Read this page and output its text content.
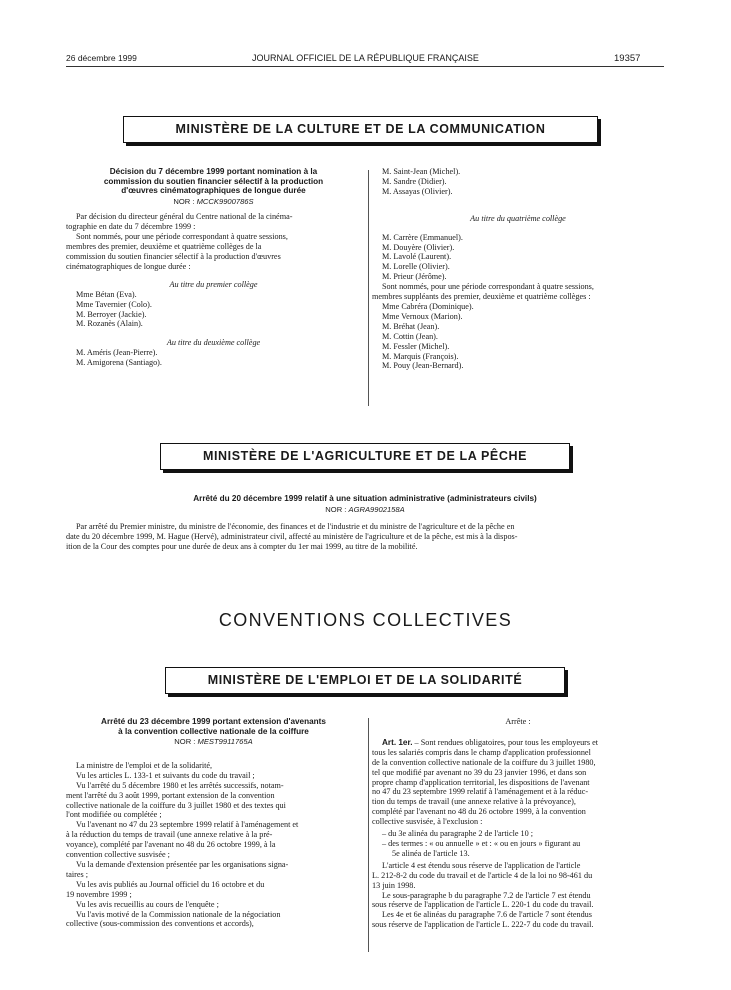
26 décembre 1999	JOURNAL OFFICIEL DE LA RÉPUBLIQUE FRANÇAISE	19357
MINISTÈRE DE LA CULTURE ET DE LA COMMUNICATION

Décision du 7 décembre 1999 portant nomination à la

commission du soutien financier sélectif à la production

d'œuvres cinématographiques de longue durée

NOR : MCCK9900786S

Par décision du directeur général du Centre national de la cinéma-

tographie en date du 7 décembre 1999 :

Sont nommés, pour une période correspondant à quatre sessions,

membres des premier, deuxième et quatrième collèges de la

commission du soutien financier sélectif à la production d'œuvres

cinématographiques de longue durée :

Au titre du premier collège

Mme Bétan (Eva).

Mme Tavernier (Colo).

M. Berroyer (Jackie).

M. Rozanès (Alain).

Au titre du deuxième collège

M. Améris (Jean-Pierre).

M. Amigorena (Santiago).

M. Saint-Jean (Michel).

M. Sandre (Didier).

M. Assayas (Olivier).

Au titre du quatrième collège

M. Carrère (Emmanuel).

M. Douyère (Olivier).

M. Lavolé (Laurent).

M. Lorelle (Olivier).

M. Prieur (Jérôme).

Sont nommés, pour une période correspondant à quatre sessions,

membres suppléants des premier, deuxième et quatrième collèges :

Mme Cabréra (Dominique).

Mme Vernoux (Marion).

M. Bréhat (Jean).

M. Cottin (Jean).

M. Fessler (Michel).

M. Marquis (François).

M. Pouy (Jean-Bernard).

MINISTÈRE DE L'AGRICULTURE ET DE LA PÊCHE

Arrêté du 20 décembre 1999 relatif à une situation administrative (administrateurs civils)

NOR : AGRA9902158A

Par arrêté du Premier ministre, du ministre de l'économie, des finances et de l'industrie et du ministre de l'agriculture et de la pêche en

date du 20 décembre 1999, M. Hague (Hervé), administrateur civil, affecté au ministère de l'agriculture et de la pêche, est mis à la dispos-

ition de la Cour des comptes pour une durée de deux ans à compter du 1er mai 1999, au titre de la mobilité.

CONVENTIONS COLLECTIVES
MINISTÈRE DE L'EMPLOI ET DE LA SOLIDARITÉ

Arrêté du 23 décembre 1999 portant extension d'avenants

à la convention collective nationale de la coiffure

NOR : MEST9911765A

La ministre de l'emploi et de la solidarité,

Vu les articles L. 133-1 et suivants du code du travail ;

Vu l'arrêté du 5 décembre 1980 et les arrêtés successifs, notam-

ment l'arrêté du 3 août 1999, portant extension de la convention

collective nationale de la coiffure du 3 juillet 1980 et des textes qui

l'ont modifiée ou complétée ;

Vu l'avenant no 47 du 23 septembre 1999 relatif à l'aménagement et

à la réduction du temps de travail (une annexe relative à la pré-

voyance), complété par l'avenant no 48 du 26 octobre 1999, à la

convention collective susvisée ;

Vu la demande d'extension présentée par les organisations signa-

taires ;

Vu les avis publiés au Journal officiel du 16 octobre et du

19 novembre 1999 ;

Vu les avis recueillis au cours de l'enquête ;

Vu l'avis motivé de la Commission nationale de la négociation

collective (sous-commission des conventions et accords),

Arrête :

Art. 1er. – Sont rendues obligatoires, pour tous les employeurs et

tous les salariés compris dans le champ d'application professionnel

de la convention collective nationale de la coiffure du 3 juillet 1980,

tel que modifié par avenant no 39 du 23 janvier 1996, et dans son

propre champ d'application territorial, les dispositions de l'avenant

no 47 du 23 septembre 1999 relatif à l'aménagement et à la réduc-

tion du temps de travail (une annexe relative à la prévoyance),

complété par l'avenant no 48 du 26 octobre 1999, à la convention

collective susvisée, à l'exclusion :

– du 3e alinéa du paragraphe 2 de l'article 10 ;

– des termes : « ou annuelle » et : « ou en jours » figurant au

5e alinéa de l'article 13.

L'article 4 est étendu sous réserve de l'application de l'article

L. 212-8-2 du code du travail et de l'article 4 de la loi no 98-461 du

13 juin 1998.

Le sous-paragraphe b du paragraphe 7.2 de l'article 7 est étendu

sous réserve de l'application de l'article L. 220-1 du code du travail.

Les 4e et 6e alinéas du paragraphe 7.6 de l'article 7 sont étendus

sous réserve de l'application de l'article L. 222-7 du code du travail.
